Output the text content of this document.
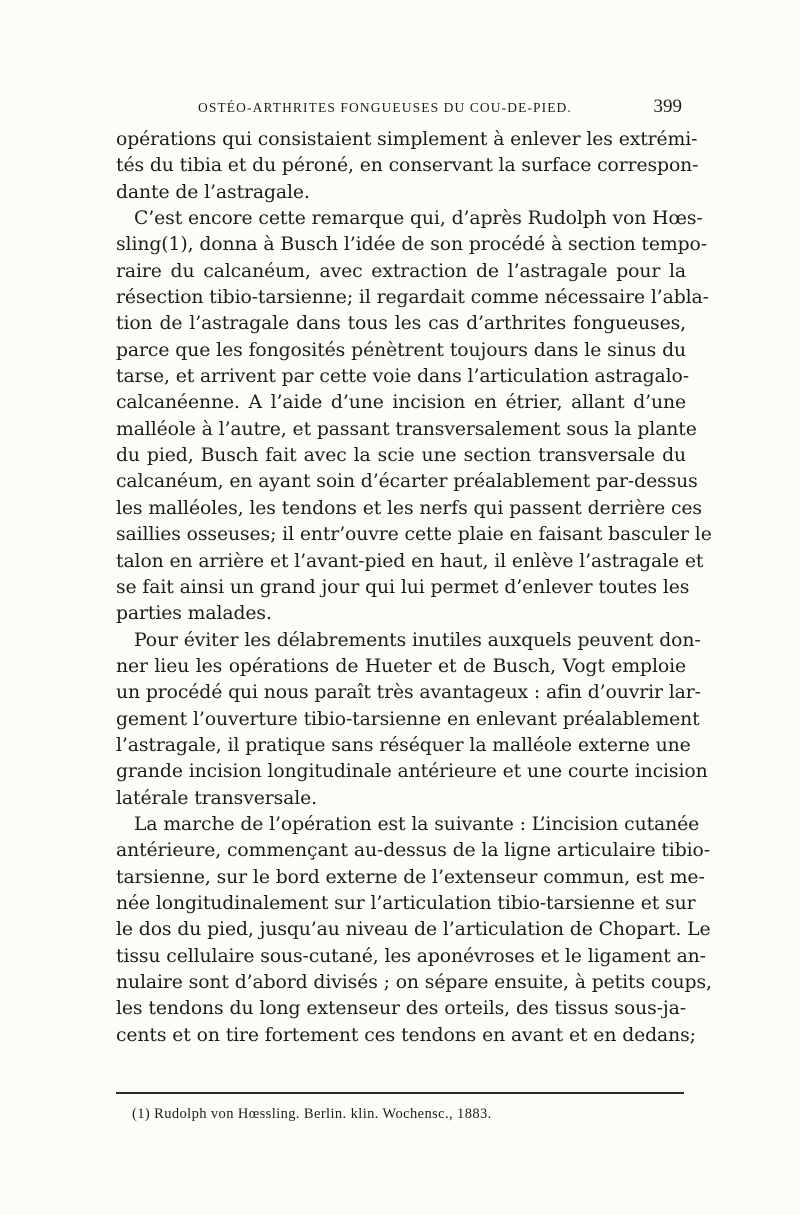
OSTÉO-ARTHRITES FONGUEUSES DU COU-DE-PIED.	399
opérations qui consistaient simplement à enlever les extrémi-
tés du tibia et du péroné, en conservant la surface correspon-
dante de l’astragale.
C’est encore cette remarque qui, d’après Rudolph von Hœs-
sling(1), donna à Busch l’idée de son procédé à section tempo-
raire du calcanéum, avec extraction de l’astragale pour la
résection tibio-tarsienne; il regardait comme nécessaire l’abla-
tion de l’astragale dans tous les cas d’arthrites fongueuses,
parce que les fongosités pénètrent toujours dans le sinus du
tarse, et arrivent par cette voie dans l’articulation astragalo-
calcanéenne. A l’aide d’une incision en étrier, allant d’une
malléole à l’autre, et passant transversalement sous la plante
du pied, Busch fait avec la scie une section transversale du
calcanéum, en ayant soin d’écarter préalablement par-dessus
les malléoles, les tendons et les nerfs qui passent derrière ces
saillies osseuses; il entr’ouvre cette plaie en faisant basculer le
talon en arrière et l’avant-pied en haut, il enlève l’astragale et
se fait ainsi un grand jour qui lui permet d’enlever toutes les
parties malades.
Pour éviter les délabrements inutiles auxquels peuvent don-
ner lieu les opérations de Hueter et de Busch, Vogt emploie
un procédé qui nous paraît très avantageux : afin d’ouvrir lar-
gement l’ouverture tibio-tarsienne en enlevant préalablement
l’astragale, il pratique sans réséquer la malléole externe une
grande incision longitudinale antérieure et une courte incision
latérale transversale.
La marche de l’opération est la suivante : L’incision cutanée
antérieure, commençant au-dessus de la ligne articulaire tibio-
tarsienne, sur le bord externe de l’extenseur commun, est me-
née longitudinalement sur l’articulation tibio-tarsienne et sur
le dos du pied, jusqu’au niveau de l’articulation de Chopart. Le
tissu cellulaire sous-cutané, les aponévroses et le ligament an-
nulaire sont d’abord divisés ; on sépare ensuite, à petits coups,
les tendons du long extenseur des orteils, des tissus sous-ja-
cents et on tire fortement ces tendons en avant et en dedans;
(1) Rudolph von Hœssling. Berlin. klin. Wochensc., 1883.
